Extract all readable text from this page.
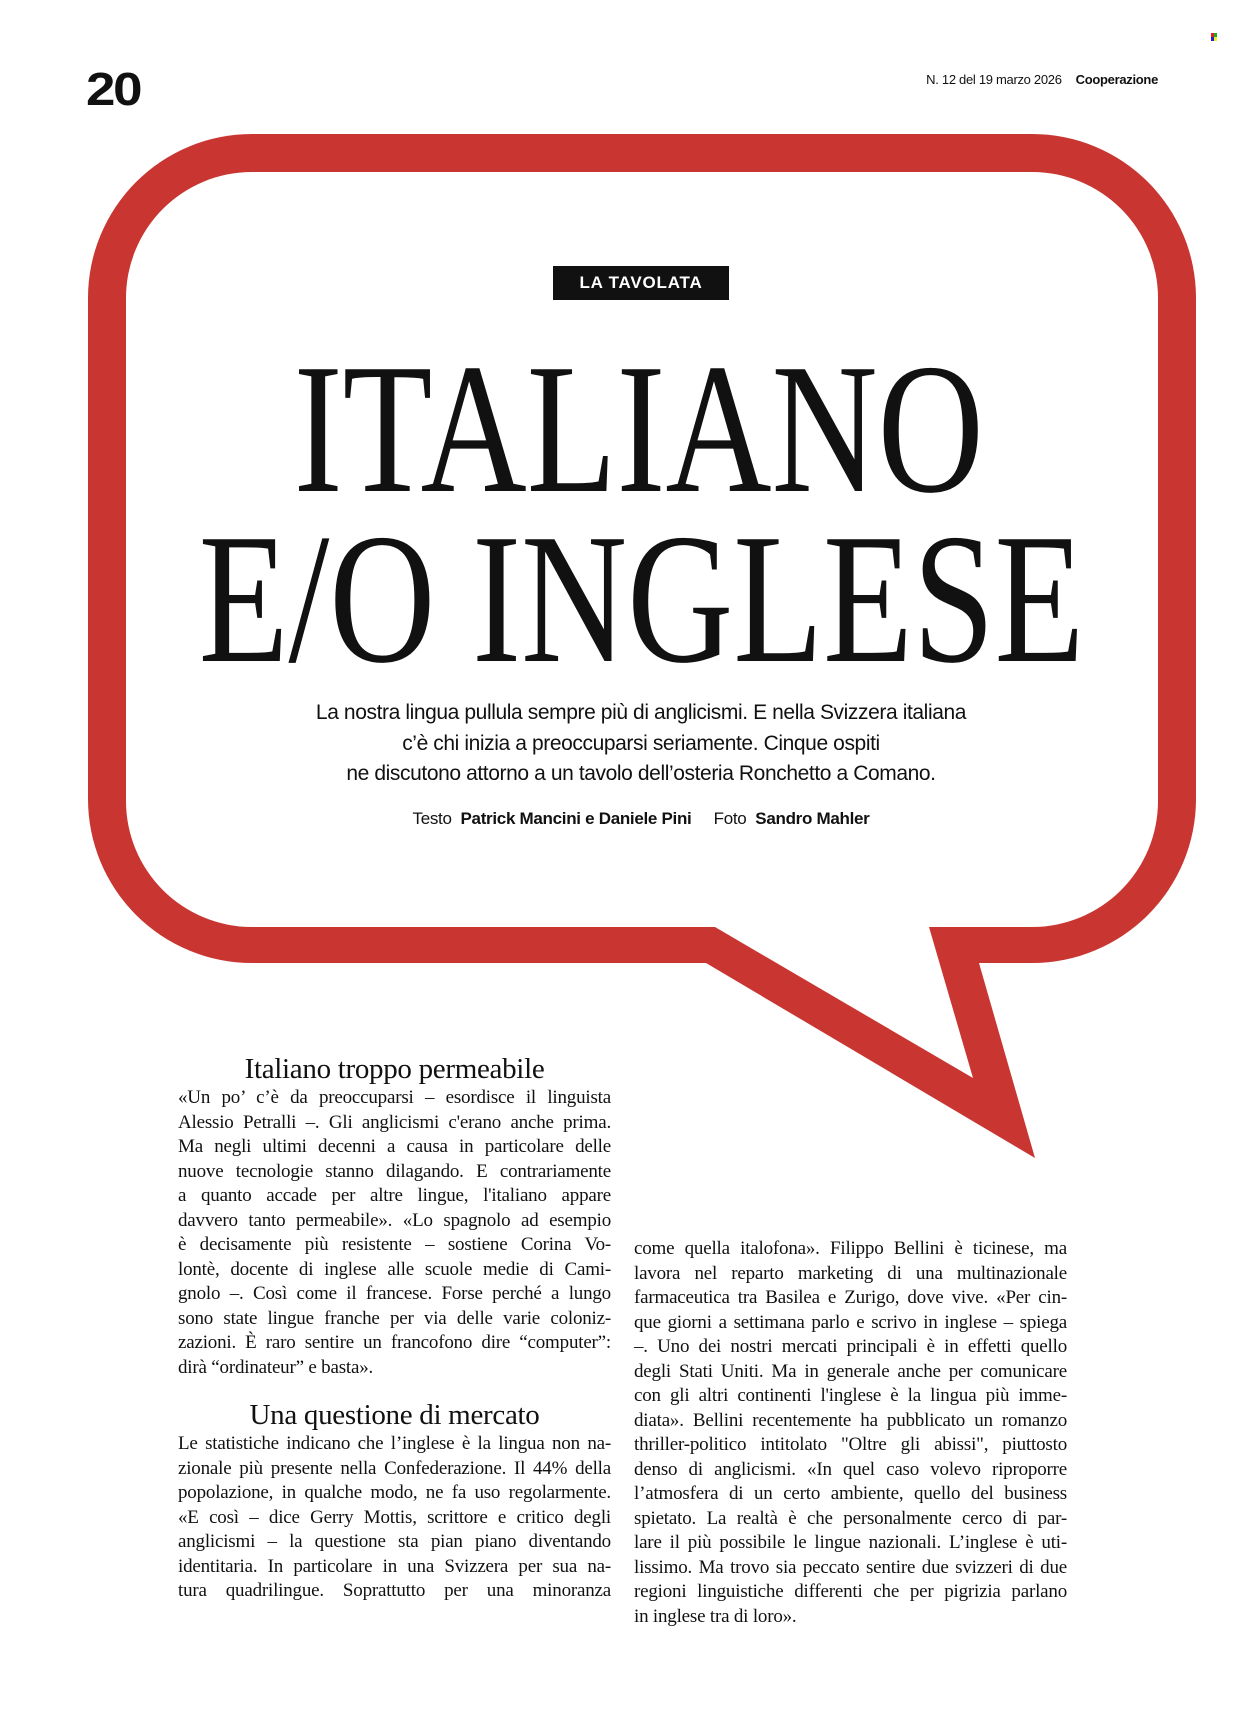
20	N. 12 del 19 marzo 2026 Cooperazione
LA TAVOLATA
ITALIANO
E/O INGLESE
La nostra lingua pullula sempre più di anglicismi. E nella Svizzera italiana
c’è chi inizia a preoccuparsi seriamente. Cinque ospiti
ne discutono attorno a un tavolo dell’osteria Ronchetto a Comano.
Testo Patrick Mancini e Daniele Pini Foto Sandro Mahler
Italiano troppo permeabile
«Un po’ c’è da preoccuparsi – esordisce il linguista
Alessio Petralli –. Gli anglicismi c'erano anche prima.
Ma negli ultimi decenni a causa in particolare delle
nuove tecnologie stanno dilagando. E contrariamente
a quanto accade per altre lingue, l'italiano appare
davvero tanto permeabile». «Lo spagnolo ad esempio
è decisamente più resistente – sostiene Corina Vo-
lontè, docente di inglese alle scuole medie di Cami-
gnolo –. Così come il francese. Forse perché a lungo
sono state lingue franche per via delle varie coloniz-
zazioni. È raro sentire un francofono dire “computer”:
dirà “ordinateur” e basta».
Una questione di mercato
Le statistiche indicano che l’inglese è la lingua non na-
zionale più presente nella Confederazione. Il 44% della
popolazione, in qualche modo, ne fa uso regolarmente.
«E così – dice Gerry Mottis, scrittore e critico degli
anglicismi – la questione sta pian piano diventando
identitaria. In particolare in una Svizzera per sua na-
tura quadrilingue. Soprattutto per una minoranza
come quella italofona». Filippo Bellini è ticinese, ma
lavora nel reparto marketing di una multinazionale
farmaceutica tra Basilea e Zurigo, dove vive. «Per cin-
que giorni a settimana parlo e scrivo in inglese – spiega
–. Uno dei nostri mercati principali è in effetti quello
degli Stati Uniti. Ma in generale anche per comunicare
con gli altri continenti l'inglese è la lingua più imme-
diata». Bellini recentemente ha pubblicato un romanzo
thriller-politico intitolato "Oltre gli abissi", piuttosto
denso di anglicismi. «In quel caso volevo riproporre
l’atmosfera di un certo ambiente, quello del business
spietato. La realtà è che personalmente cerco di par-
lare il più possibile le lingue nazionali. L’inglese è uti-
lissimo. Ma trovo sia peccato sentire due svizzeri di due
regioni linguistiche differenti che per pigrizia parlano
in inglese tra di loro».
